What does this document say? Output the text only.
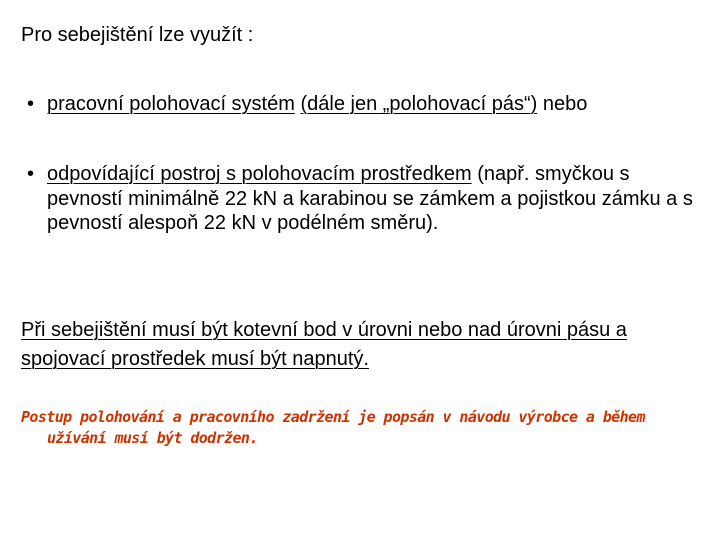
Pro sebejištění lze využít :
• pracovní polohovací systém (dále jen „polohovací pás“) nebo
• odpovídající postroj s polohovacím prostředkem (např. smyčkou s pevností minimálně 22 kN a karabinou se zámkem a pojistkou zámku a s pevností alespoň 22 kN v podélném směru).
Při sebejištění musí být kotevní bod v úrovni nebo nad úrovni pásu a spojovací prostředek musí být napnutý.
Postup polohování a pracovního zadržení je popsán v návodu výrobce a během užívání musí být dodržen.
